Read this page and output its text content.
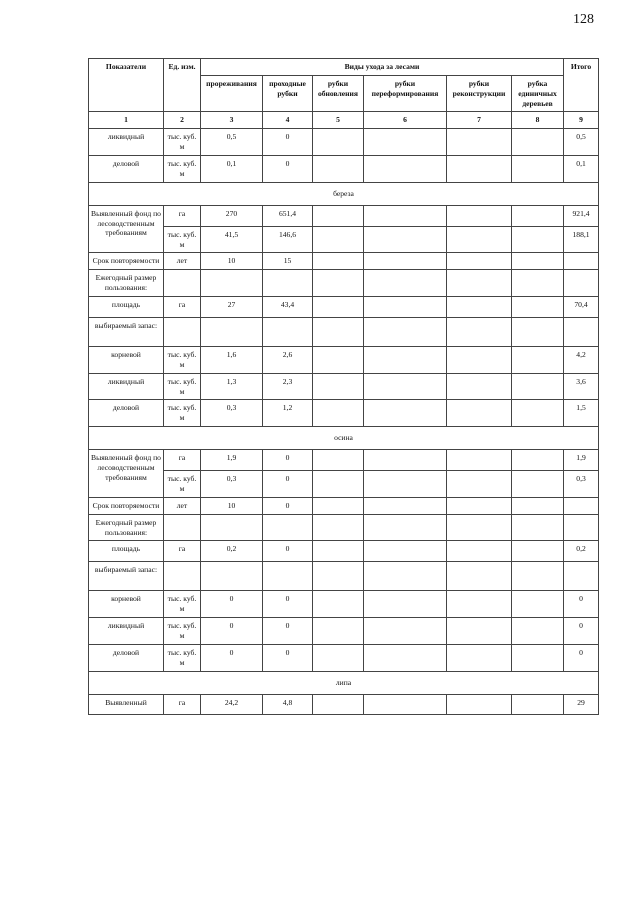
128
Показатели	Ед. изм.	Виды ухода за лесами						Итого
		прореживания	проходные рубки	рубки обновления	рубки переформирования	рубки реконструкции	рубка единичных деревьев	
1	2	3	4	5	6	7	8	9
ликвидный	тыс. куб. м	0,5	0					0,5
деловой	тыс. куб. м	0,1	0					0,1
береза								
Выявленный фонд по лесоводственным требованиям	га	270	651,4					921,4
	тыс. куб. м	41,5	146,6					188,1
Срок повторяемости	лет	10	15					
Ежегодный размер пользования:								
площадь	га	27	43,4					70,4
выбираемый запас:								
корневой	тыс. куб. м	1,6	2,6					4,2
ликвидный	тыс. куб. м	1,3	2,3					3,6
деловой	тыс. куб. м	0,3	1,2					1,5
осина								
Выявленный фонд по лесоводственным требованиям	га	1,9	0					1,9
	тыс. куб. м	0,3	0					0,3
Срок повторяемости	лет	10	0					
Ежегодный размер пользования:								
площадь	га	0,2	0					0,2
выбираемый запас:								
корневой	тыс. куб. м	0	0					0
ликвидный	тыс. куб. м	0	0					0
деловой	тыс. куб. м	0	0					0
липа								
Выявленный	га	24,2	4,8					29
